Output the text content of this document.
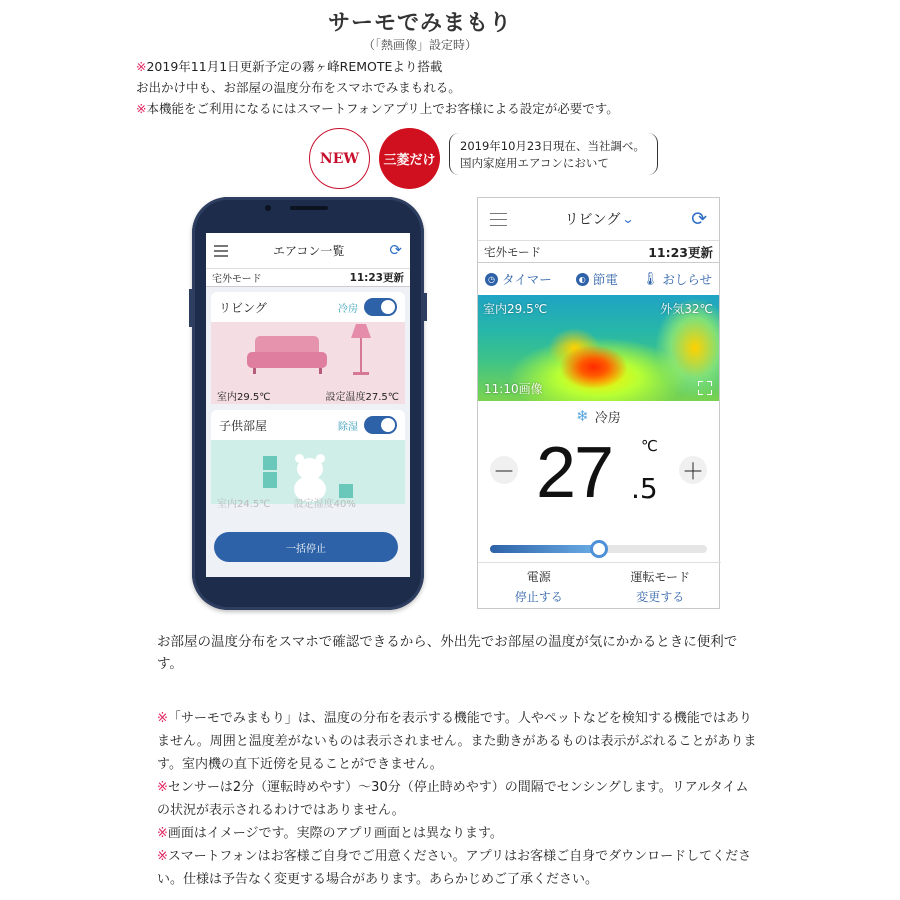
サーモでみまもり
（「熱画像」設定時）
※2019年11月1日更新予定の霧ヶ峰REMOTEより搭載
お出かけ中も、お部屋の温度分布をスマホでみまもれる。
※本機能をご利用になるにはスマートフォンアプリ上でお客様による設定が必要です。
NEW	三菱だけ
2019年10月23日現在、当社調べ。
国内家庭用エアコンにおいて
エアコン一覧	⟳
宅外モード	11:23更新
リビング	冷房
室内29.5℃	設定温度27.5℃
子供部屋	除湿
室内24.5℃　　 設定湿度40%
一括停止
リビング ⌄	⟳
宅外モード	11:23更新
◷ タイマー	◐ 節電 🌡 おしらせ
室内29.5℃	外気32℃
11:10画像
❄ 冷房
－ 27 ℃
.5 ＋
電源
停止する
運転モード
変更する
お部屋の温度分布をスマホで確認できるから、外出先でお部屋の温度が気にかかるときに便利です。

※「サーモでみまもり」は、温度の分布を表示する機能です。人やペットなどを検知する機能ではありません。周囲と温度差がないものは表示されません。また動きがあるものは表示がぶれることがあります。室内機の直下近傍を見ることができません。

※センサーは2分（運転時めやす）～30分（停止時めやす）の間隔でセンシングします。リアルタイムの状況が表示されるわけではありません。

※画面はイメージです。実際のアプリ画面とは異なります。

※スマートフォンはお客様ご自身でご用意ください。アプリはお客様ご自身でダウンロードしてください。仕様は予告なく変更する場合があります。あらかじめご了承ください。
